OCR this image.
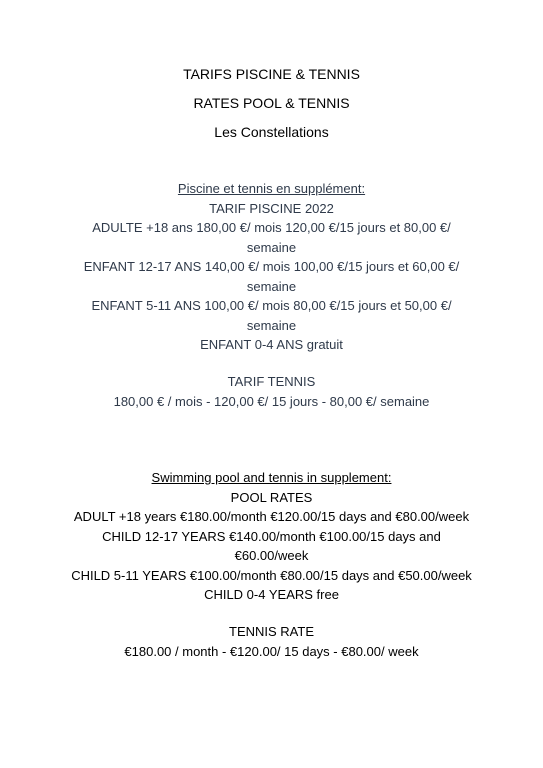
TARIFS PISCINE & TENNIS
RATES POOL & TENNIS
Les Constellations
Piscine et tennis en supplément:
TARIF PISCINE 2022
ADULTE +18 ans 180,00 €/ mois 120,00 €/15 jours et 80,00 €/
semaine
ENFANT 12-17 ANS 140,00 €/ mois 100,00 €/15 jours et 60,00 €/
semaine
ENFANT 5-11 ANS 100,00 €/ mois 80,00 €/15 jours et 50,00 €/
semaine
ENFANT 0-4 ANS gratuit
TARIF TENNIS
180,00 € / mois - 120,00 €/ 15 jours - 80,00 €/ semaine
Swimming pool and tennis in supplement:
POOL RATES
ADULT +18 years €180.00/month €120.00/15 days and €80.00/week
CHILD 12-17 YEARS €140.00/month €100.00/15 days and
€60.00/week
CHILD 5-11 YEARS €100.00/month €80.00/15 days and €50.00/week
CHILD 0-4 YEARS free
TENNIS RATE
€180.00 / month - €120.00/ 15 days - €80.00/ week
